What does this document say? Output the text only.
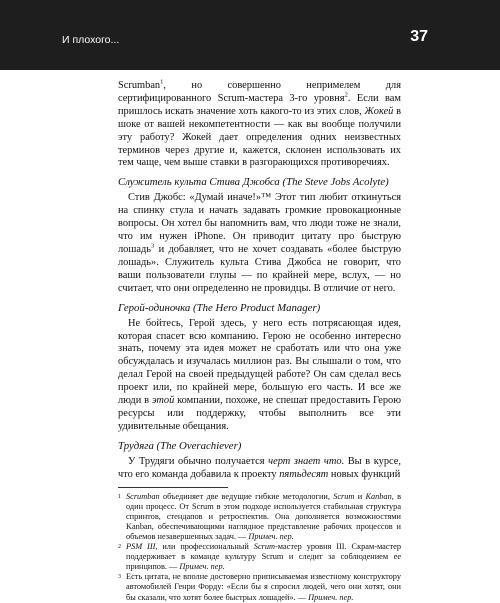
И плохого...	37

Scrumban$^1$, но совершенно непримелем для сертифицированного Scrum-мастера 3-го уровня$^2$. Если вам пришлось искать значение хоть какого-то из этих слов, Жокей в шоке от вашей некомпетентности — как вы вообще получили эту работу? Жокей дает определения одних неизвестных терминов через другие и, кажется, склонен использовать их тем чаще, чем выше ставки в разгорающихся противоречиях.

Служитель культа Стива Джобса (The Steve Jobs Acolyte)

Стив Джобс: «Думай иначе!»™ Этот тип любит откинуться на спинку стула и начать задавать громкие провокационные вопросы. Он хотел бы напомнить вам, что люди тоже не знали, что им нужен iPhone. Он приводит цитату про быструю лошадь$^3$ и добавляет, что не хочет создавать «более быструю лошадь». Служитель культа Стива Джобса не говорит, что ваши пользователи глупы — по крайней мере, вслух, — но считает, что они определенно не провидцы. В отличие от него.

Герой-одиночка (The Hero Product Manager)

Не бойтесь, Герой здесь, у него есть потрясающая идея, которая спасет всю компанию. Герою не особенно интересно знать, почему эта идея может не сработать или что она уже обсуждалась и изучалась миллион раз. Вы слышали о том, что делал Герой на своей предыдущей работе? Он сам сделал весь проект или, по крайней мере, большую его часть. И все же люди в этой компании, похоже, не спешат предоставить Герою ресурсы или поддержку, чтобы выполнить все эти удивительные обещания.

Трудяга (The Overachiever)

У Трудяги обычно получается черт знает что. Вы в курсе, что его команда добавила к проекту пятьдесят новых функций

1 Scrumban объединяет две ведущие гибкие методологии, Scrum и Kanban, в один процесс. От Scrum в этом подходе используется стабильная структура спринтов, стендапов и ретроспектив. Она дополняется возможностями Kanban, обеспечивающими наглядное представление рабочих процессов и объемов незавершенных задач. — Примеч. пер.

2 PSM III, или профессиональный Scrum-мастер уровня III. Скрам-мастер поддерживает в команде культуру Scrum и следит за соблюдением ее принципов. — Примеч. пер.

3 Есть цитата, не вполне достоверно приписываемая известному конструктору автомобилей Генри Форду: «Если бы я спросил людей, чего они хотят, они бы сказали, что хотят более быстрых лошадей». — Примеч. пер.
